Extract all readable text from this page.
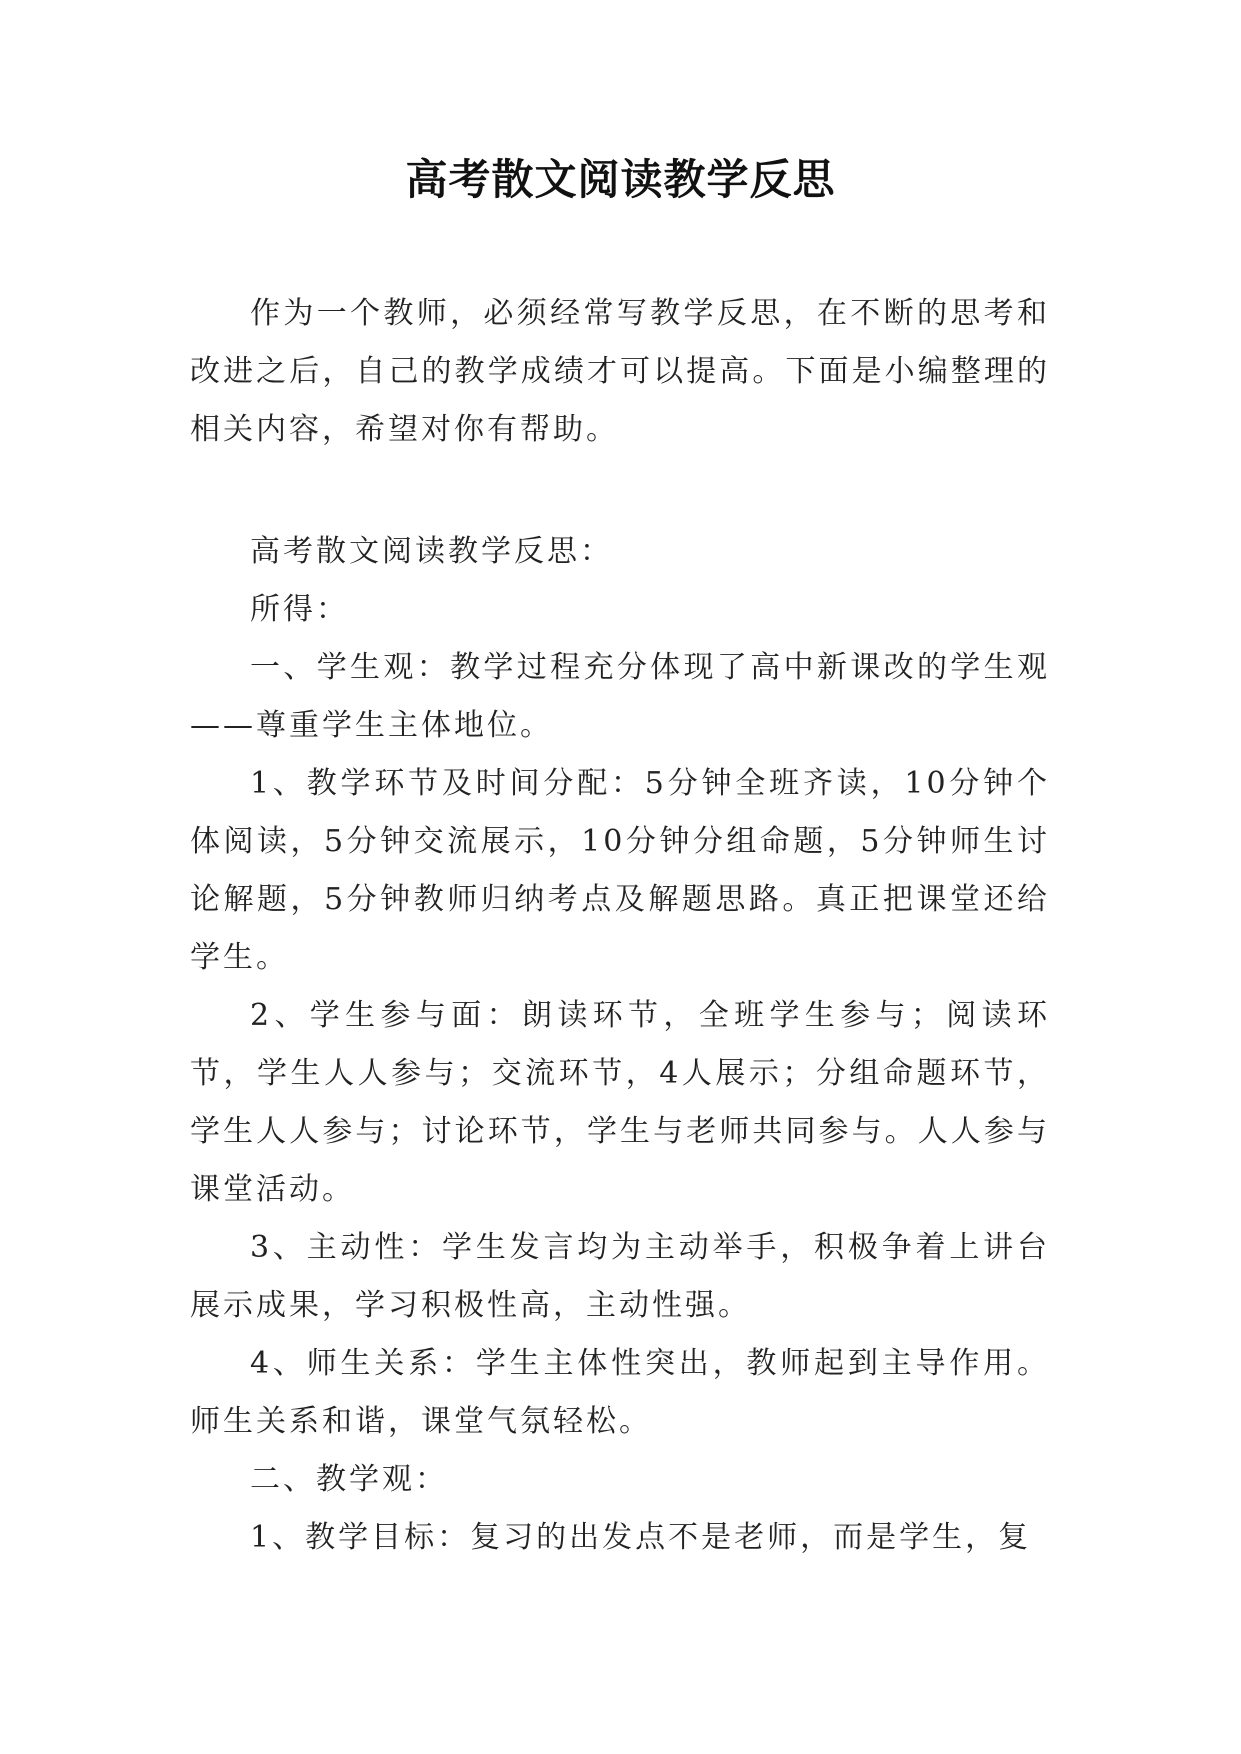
高考散文阅读教学反思

作为一个教师，必须经常写教学反思，在不断的思考和改进之后，自己的教学成绩才可以提高。下面是小编整理的相关内容，希望对你有帮助。

高考散文阅读教学反思：

所得：

一、学生观：教学过程充分体现了高中新课改的学生观——尊重学生主体地位。

1、教学环节及时间分配：5分钟全班齐读，10分钟个体阅读，5分钟交流展示，10分钟分组命题，5分钟师生讨论解题，5分钟教师归纳考点及解题思路。真正把课堂还给学生。

2、学生参与面：朗读环节，全班学生参与；阅读环节，学生人人参与；交流环节，4人展示；分组命题环节，学生人人参与；讨论环节，学生与老师共同参与。人人参与课堂活动。

3、主动性：学生发言均为主动举手，积极争着上讲台展示成果，学习积极性高，主动性强。

4、师生关系：学生主体性突出，教师起到主导作用。师生关系和谐，课堂气氛轻松。

二、教学观：

1、教学目标：复习的出发点不是老师，而是学生，复
